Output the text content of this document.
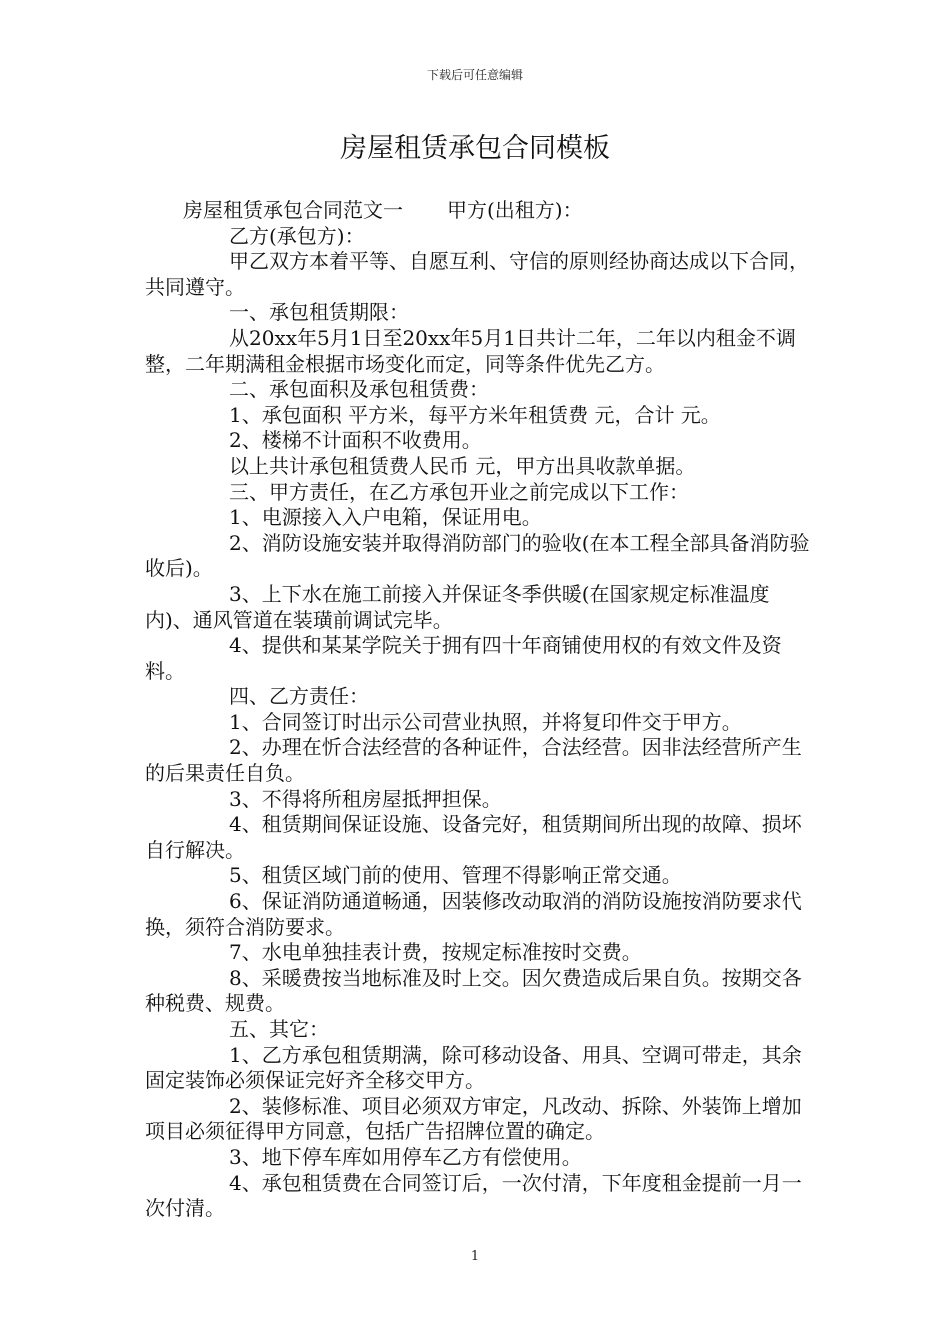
下载后可任意编辑
房屋租赁承包合同模板

房屋租赁承包合同范文一 甲方(出租方)：

乙方(承包方)：

甲乙双方本着平等、自愿互利、守信的原则经协商达成以下合同，共同遵守。

一、承包租赁期限：

从20xx年5月1日至20xx年5月1日共计二年，二年以内租金不调整，二年期满租金根据市场变化而定，同等条件优先乙方。

二、承包面积及承包租赁费：

1、承包面积 平方米，每平方米年租赁费 元，合计 元。

2、楼梯不计面积不收费用。

以上共计承包租赁费人民币 元，甲方出具收款单据。

三、甲方责任，在乙方承包开业之前完成以下工作：

1、电源接入入户电箱，保证用电。

2、消防设施安装并取得消防部门的验收(在本工程全部具备消防验收后)。

3、上下水在施工前接入并保证冬季供暖(在国家规定标准温度内)、通风管道在装璜前调试完毕。

4、提供和某某学院关于拥有四十年商铺使用权的有效文件及资料。

四、乙方责任：

1、合同签订时出示公司营业执照，并将复印件交于甲方。

2、办理在忻合法经营的各种证件，合法经营。因非法经营所产生的后果责任自负。

3、不得将所租房屋抵押担保。

4、租赁期间保证设施、设备完好，租赁期间所出现的故障、损坏自行解决。

5、租赁区域门前的使用、管理不得影响正常交通。

6、保证消防通道畅通，因装修改动取消的消防设施按消防要求代换，须符合消防要求。

7、水电单独挂表计费，按规定标准按时交费。

8、采暖费按当地标准及时上交。因欠费造成后果自负。按期交各种税费、规费。

五、其它：

1、乙方承包租赁期满，除可移动设备、用具、空调可带走，其余固定装饰必须保证完好齐全移交甲方。

2、装修标准、项目必须双方审定，凡改动、拆除、外装饰上增加项目必须征得甲方同意，包括广告招牌位置的确定。

3、地下停车库如用停车乙方有偿使用。

4、承包租赁费在合同签订后，一次付清，下年度租金提前一月一次付清。

1
